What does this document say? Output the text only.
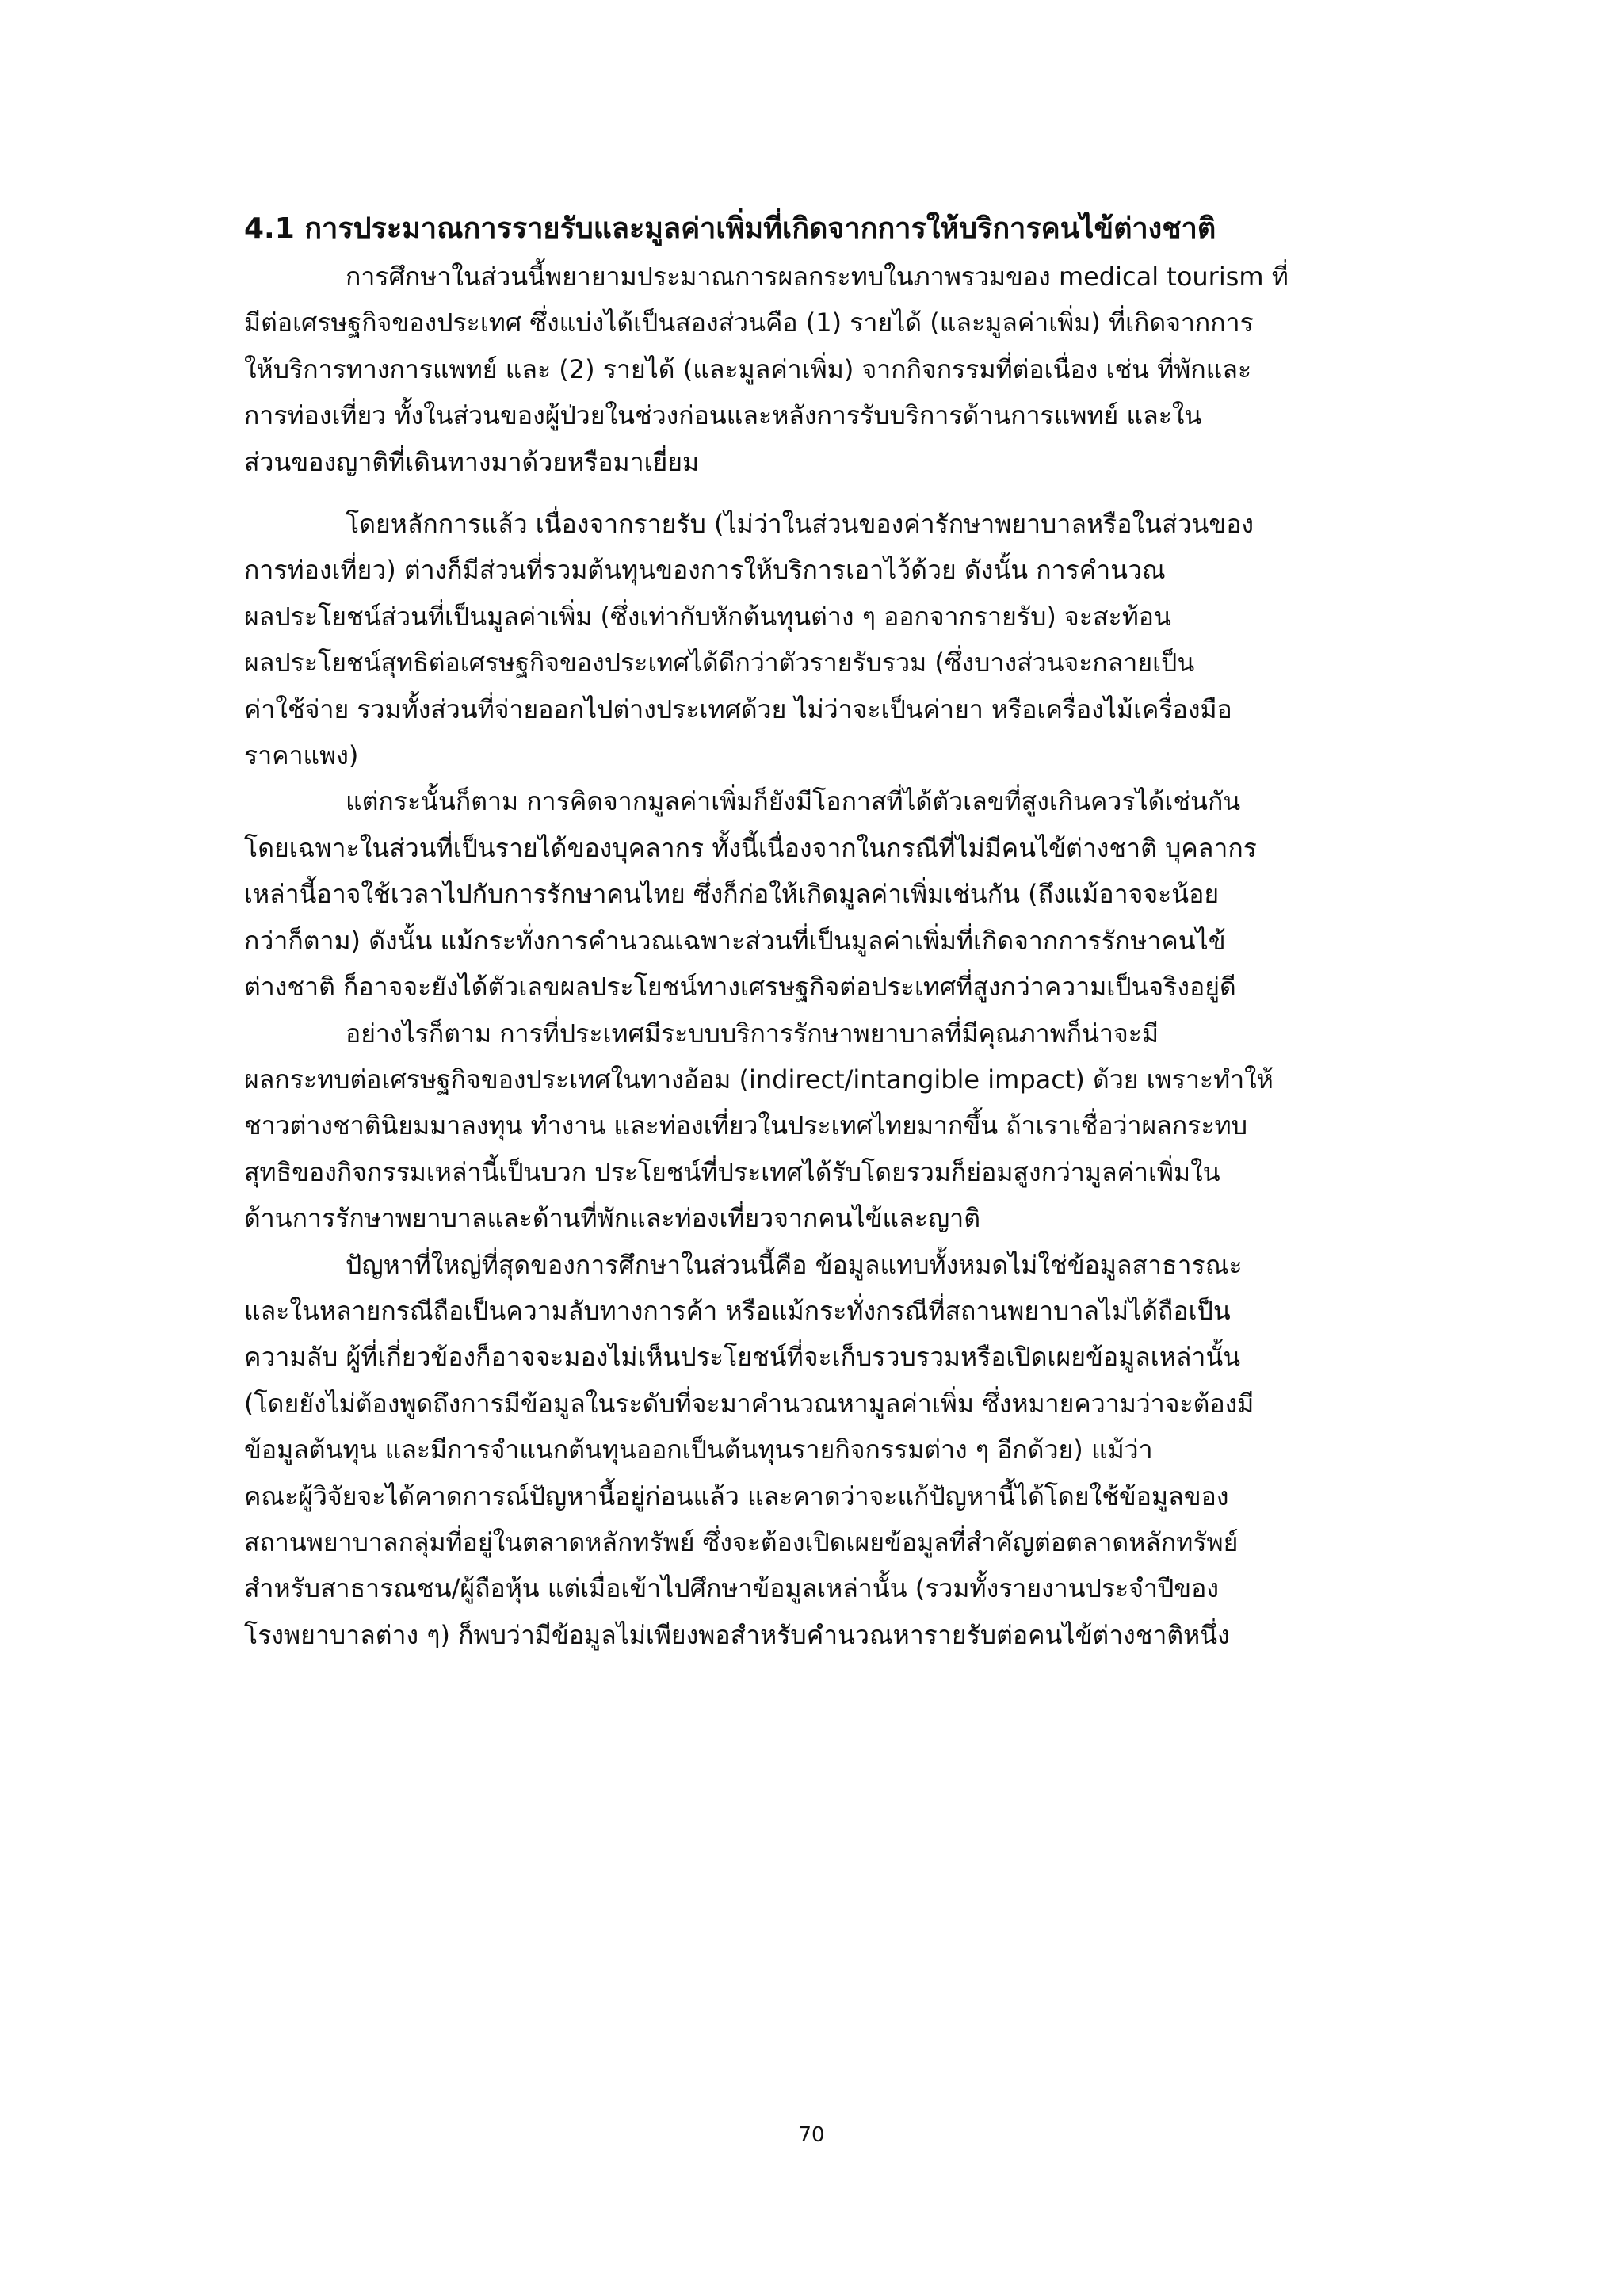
4.1 การประมาณการรายรับและมูลค่าเพิ่มที่เกิดจากการให้บริการคนไข้ต่างชาติ

การศึกษาในส่วนนี้พยายามประมาณการผลกระทบในภาพรวมของ medical tourism ที่
มีต่อเศรษฐกิจของประเทศ ซึ่งแบ่งได้เป็นสองส่วนคือ (1) รายได้ (และมูลค่าเพิ่ม) ที่เกิดจากการ
ให้บริการทางการแพทย์ และ (2) รายได้ (และมูลค่าเพิ่ม) จากกิจกรรมที่ต่อเนื่อง เช่น ที่พักและ
การท่องเที่ยว ทั้งในส่วนของผู้ป่วยในช่วงก่อนและหลังการรับบริการด้านการแพทย์ และใน
ส่วนของญาติที่เดินทางมาด้วยหรือมาเยี่ยม

โดยหลักการแล้ว เนื่องจากรายรับ (ไม่ว่าในส่วนของค่ารักษาพยาบาลหรือในส่วนของ
การท่องเที่ยว) ต่างก็มีส่วนที่รวมต้นทุนของการให้บริการเอาไว้ด้วย ดังนั้น การคำนวณ
ผลประโยชน์ส่วนที่เป็นมูลค่าเพิ่ม (ซึ่งเท่ากับหักต้นทุนต่าง ๆ ออกจากรายรับ) จะสะท้อน
ผลประโยชน์สุทธิต่อเศรษฐกิจของประเทศได้ดีกว่าตัวรายรับรวม (ซึ่งบางส่วนจะกลายเป็น
ค่าใช้จ่าย รวมทั้งส่วนที่จ่ายออกไปต่างประเทศด้วย ไม่ว่าจะเป็นค่ายา หรือเครื่องไม้เครื่องมือ
ราคาแพง)

แต่กระนั้นก็ตาม การคิดจากมูลค่าเพิ่มก็ยังมีโอกาสที่ได้ตัวเลขที่สูงเกินควรได้เช่นกัน
โดยเฉพาะในส่วนที่เป็นรายได้ของบุคลากร ทั้งนี้เนื่องจากในกรณีที่ไม่มีคนไข้ต่างชาติ บุคลากร
เหล่านี้อาจใช้เวลาไปกับการรักษาคนไทย ซึ่งก็ก่อให้เกิดมูลค่าเพิ่มเช่นกัน (ถึงแม้อาจจะน้อย
กว่าก็ตาม) ดังนั้น แม้กระทั่งการคำนวณเฉพาะส่วนที่เป็นมูลค่าเพิ่มที่เกิดจากการรักษาคนไข้
ต่างชาติ ก็อาจจะยังได้ตัวเลขผลประโยชน์ทางเศรษฐกิจต่อประเทศที่สูงกว่าความเป็นจริงอยู่ดี

อย่างไรก็ตาม การที่ประเทศมีระบบบริการรักษาพยาบาลที่มีคุณภาพก็น่าจะมี
ผลกระทบต่อเศรษฐกิจของประเทศในทางอ้อม (indirect/intangible impact) ด้วย เพราะทำให้
ชาวต่างชาตินิยมมาลงทุน ทำงาน และท่องเที่ยวในประเทศไทยมากขึ้น ถ้าเราเชื่อว่าผลกระทบ
สุทธิของกิจกรรมเหล่านี้เป็นบวก ประโยชน์ที่ประเทศได้รับโดยรวมก็ย่อมสูงกว่ามูลค่าเพิ่มใน
ด้านการรักษาพยาบาลและด้านที่พักและท่องเที่ยวจากคนไข้และญาติ

ปัญหาที่ใหญ่ที่สุดของการศึกษาในส่วนนี้คือ ข้อมูลแทบทั้งหมดไม่ใช่ข้อมูลสาธารณะ
และในหลายกรณีถือเป็นความลับทางการค้า หรือแม้กระทั่งกรณีที่สถานพยาบาลไม่ได้ถือเป็น
ความลับ ผู้ที่เกี่ยวข้องก็อาจจะมองไม่เห็นประโยชน์ที่จะเก็บรวบรวมหรือเปิดเผยข้อมูลเหล่านั้น
(โดยยังไม่ต้องพูดถึงการมีข้อมูลในระดับที่จะมาคำนวณหามูลค่าเพิ่ม ซึ่งหมายความว่าจะต้องมี
ข้อมูลต้นทุน และมีการจำแนกต้นทุนออกเป็นต้นทุนรายกิจกรรมต่าง ๆ อีกด้วย) แม้ว่า
คณะผู้วิจัยจะได้คาดการณ์ปัญหานี้อยู่ก่อนแล้ว และคาดว่าจะแก้ปัญหานี้ได้โดยใช้ข้อมูลของ
สถานพยาบาลกลุ่มที่อยู่ในตลาดหลักทรัพย์ ซึ่งจะต้องเปิดเผยข้อมูลที่สำคัญต่อตลาดหลักทรัพย์
สำหรับสาธารณชน/ผู้ถือหุ้น แต่เมื่อเข้าไปศึกษาข้อมูลเหล่านั้น (รวมทั้งรายงานประจำปีของ
โรงพยาบาลต่าง ๆ) ก็พบว่ามีข้อมูลไม่เพียงพอสำหรับคำนวณหารายรับต่อคนไข้ต่างชาติหนึ่ง

70
